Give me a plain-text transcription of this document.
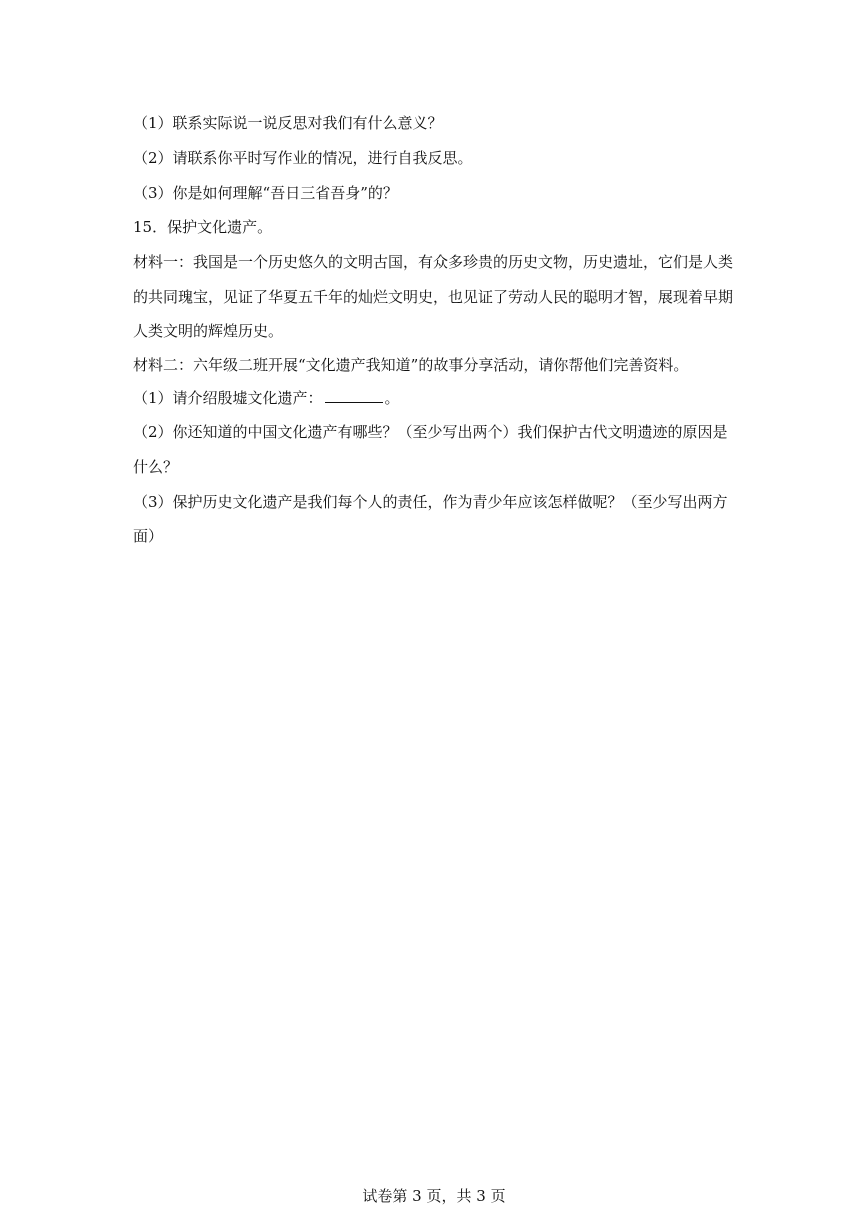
（1）联系实际说一说反思对我们有什么意义？
（2）请联系你平时写作业的情况，进行自我反思。
（3）你是如何理解“吾日三省吾身”的？
15．保护文化遗产。
材料一：我国是一个历史悠久的文明古国，有众多珍贵的历史文物，历史遗址，它们是人类
的共同瑰宝，见证了华夏五千年的灿烂文明史，也见证了劳动人民的聪明才智，展现着早期
人类文明的辉煌历史。
材料二：六年级二班开展“文化遗产我知道”的故事分享活动，请你帮他们完善资料。
（1）请介绍殷墟文化遗产：	。
（2）你还知道的中国文化遗产有哪些？（至少写出两个）我们保护古代文明遗迹的原因是
什么？
（3）保护历史文化遗产是我们每个人的责任，作为青少年应该怎样做呢？（至少写出两方
面）
试卷第 3 页，共 3 页
